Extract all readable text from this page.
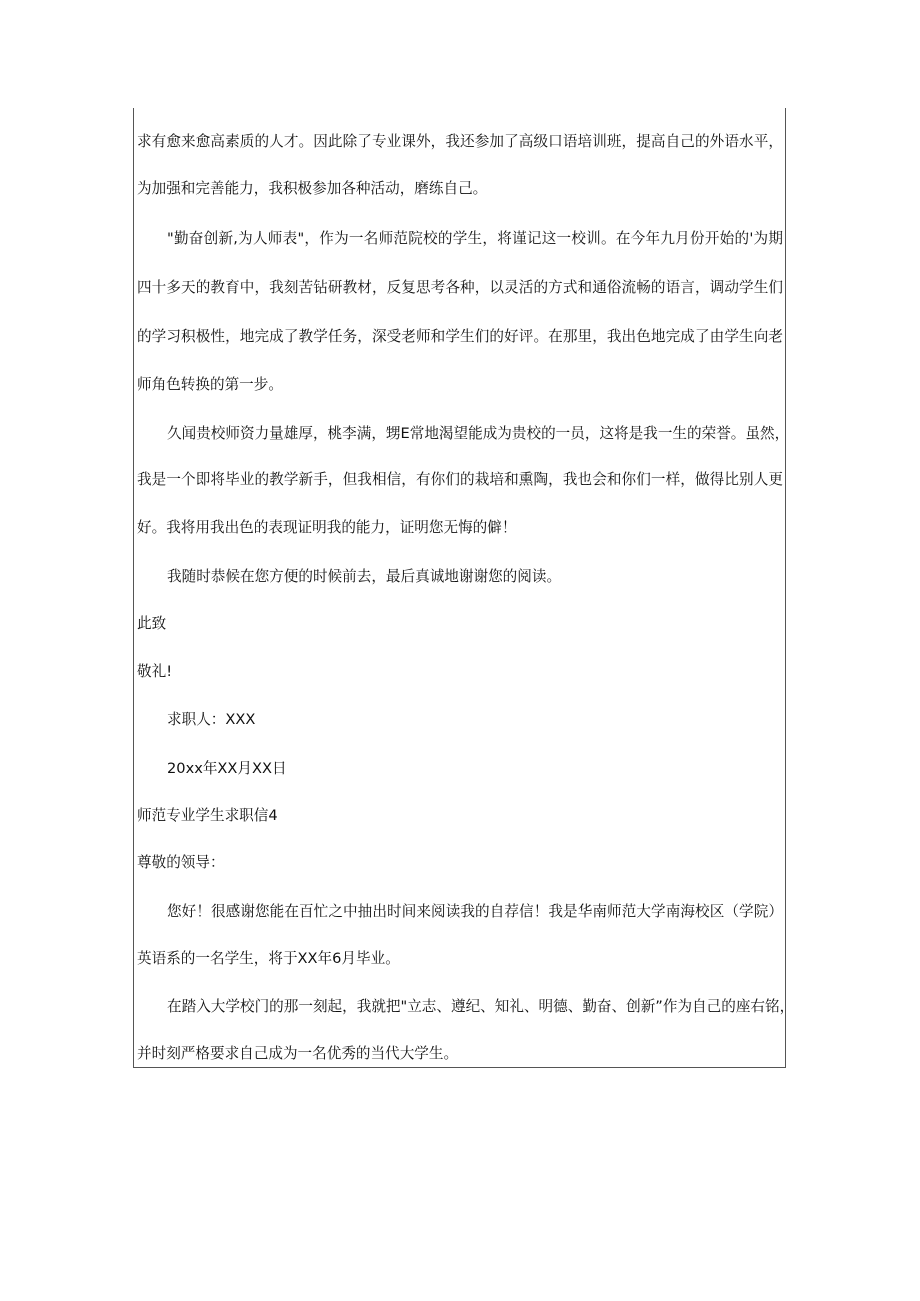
求有愈来愈高素质的人才。因此除了专业课外，我还参加了高级口语培训班，提高自己的外语水平，
为加强和完善能力，我积极参加各种活动，磨练自己。
"勤奋创新,为人师表"，作为一名师范院校的学生，将谨记这一校训。在今年九月份开始的'为期
四十多天的教育中，我刻苦钻研教材，反复思考各种，以灵活的方式和通俗流畅的语言，调动学生们
的学习积极性，地完成了教学任务，深受老师和学生们的好评。在那里，我出色地完成了由学生向老
师角色转换的第一步。
久闻贵校师资力量雄厚，桃李满，甥E常地渴望能成为贵校的一员，这将是我一生的荣誉。虽然，
我是一个即将毕业的教学新手，但我相信，有你们的栽培和熏陶，我也会和你们一样，做得比别人更
好。我将用我出色的表现证明我的能力，证明您无悔的僻！
我随时恭候在您方便的时候前去，最后真诚地谢谢您的阅读。
此致
敬礼!
求职人：XXX
20xx年XX月XX日
师范专业学生求职信4
尊敬的领导：
您好！很感谢您能在百忙之中抽出时间来阅读我的自荐信！我是华南师范大学南海校区（学院）
英语系的一名学生，将于XX年6月毕业。
在踏入大学校门的那一刻起，我就把"立志、遵纪、知礼、明德、勤奋、创新”作为自己的座右铭，
并时刻严格要求自己成为一名优秀的当代大学生。
